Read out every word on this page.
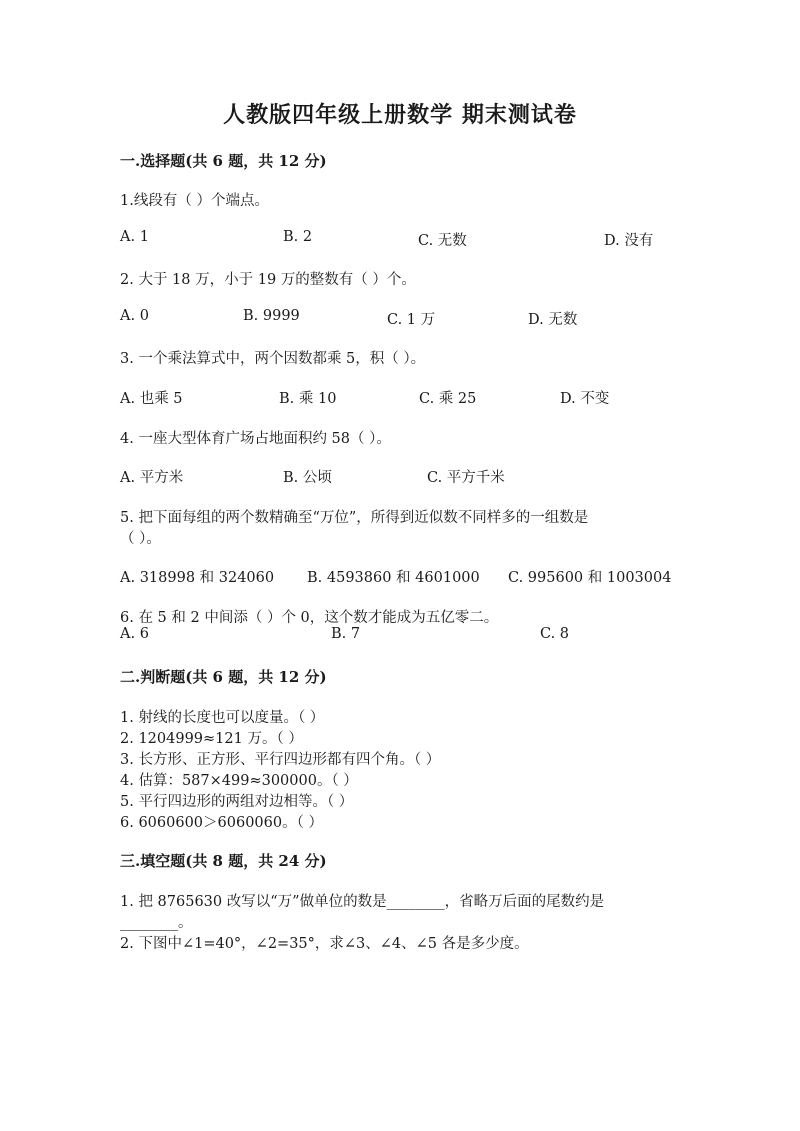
人教版四年级上册数学 期末测试卷
一.选择题(共 6 题，共 12 分)
1.线段有（ ）个端点。
A. 1	B. 2	C. 无数	D. 没有
2. 大于 18 万，小于 19 万的整数有（ ）个。
A. 0	B. 9999	C. 1 万	D. 无数
3. 一个乘法算式中，两个因数都乘 5，积（ ）。
A. 也乘 5	B. 乘 10	C. 乘 25	D. 不变
4. 一座大型体育广场占地面积约 58（ ）。
A. 平方米	B. 公顷	C. 平方千米
5. 把下面每组的两个数精确至“万位”，所得到近似数不同样多的一组数是
（ ）。
A. 318998 和 324060 B. 4593860 和 4601000 C. 995600 和 1003004
6. 在 5 和 2 中间添（ ）个 0，这个数才能成为五亿零二。
A. 6	B. 7	C. 8
二.判断题(共 6 题，共 12 分)
1. 射线的长度也可以度量。（ ）
2. 1204999≈121 万。（ ）
3. 长方形、正方形、平行四边形都有四个角。（ ）
4. 估算：587×499≈300000。（ ）
5. 平行四边形的两组对边相等。（ ）
6. 6060600＞6060060。（ ）
三.填空题(共 8 题，共 24 分)
1. 把 8765630 改写以“万”做单位的数是________，省略万后面的尾数约是
________。
2. 下图中∠1=40°，∠2=35°，求∠3、∠4、∠5 各是多少度。
